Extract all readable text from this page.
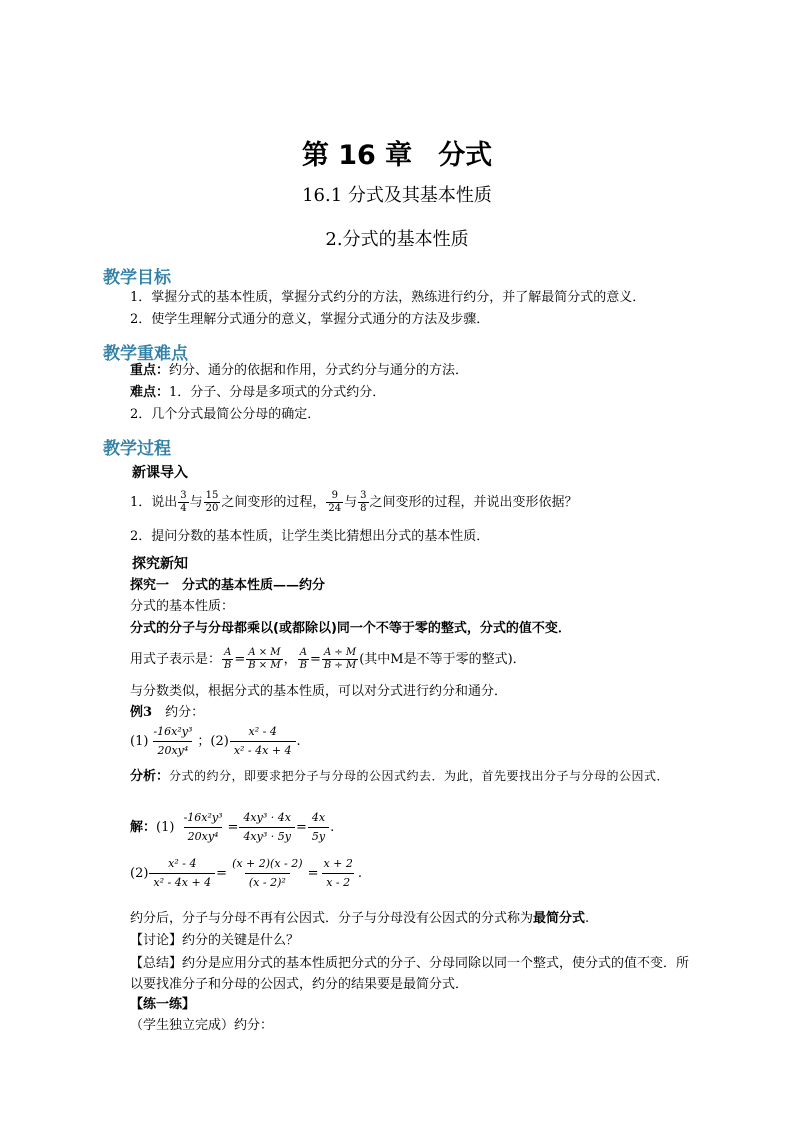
第 16 章 分式
16.1 分式及其基本性质
2.分式的基本性质
教学目标
1．掌握分式的基本性质，掌握分式约分的方法，熟练进行约分，并了解最简分式的意义．
2．使学生理解分式通分的意义，掌握分式通分的方法及步骤．
教学重难点
重点：约分、通分的依据和作用，分式约分与通分的方法．
难点：1．分子、分母是多项式的分式约分．
2．几个分式最简公分母的确定．
教学过程
新课导入
1．说出 $\frac{3}{4}$ 与 $\frac{15}{20}$ 之间变形的过程， $\frac{9}{24}$ 与 $\frac{3}{8}$ 之间变形的过程，并说出变形依据？
2．提问分数的基本性质，让学生类比猜想出分式的基本性质．
探究新知
探究一　分式的基本性质——约分
分式的基本性质：
分式的分子与分母都乘以(或都除以)同一个不等于零的整式，分式的值不变．
用式子表示是： $\frac{A}{B} = \frac{A \times M}{B \times M}$ ， $\frac{A}{B} = \frac{A \div M}{B \div M}$ (其中M是不等于零的整式)．
与分数类似，根据分式的基本性质，可以对分式进行约分和通分．
例3　 约分：
$(1) \frac{\text{-16x²y³}}{\text{20xy⁴}}$ ；$(2) \frac{\text{x² - 4}}{\text{x² - 4x + 4}}$ .
分析：分式的约分，即要求把分子与分母的公因式约去．为此，首先要找出分子与分母的公因式．
解：$(1) \frac{\text{-16x²y³}}{\text{20xy⁴}} = \frac{\text{4xy³ · 4x}}{\text{4xy³ · 5y}} = \frac{4x}{5y}$ .
$(2) \frac{\text{x² - 4}}{\text{x² - 4x + 4}} = \frac{(x + 2)(x - 2)}{\text{(x - 2)²}} = \frac{x + 2}{x - 2}$ .
约分后，分子与分母不再有公因式．分子与分母没有公因式的分式称为最简分式.
【讨论】约分的关键是什么？
【总结】约分是应用分式的基本性质把分式的分子、分母同除以同一个整式，使分式的值不变．所以要找准分子和分母的公因式，约分的结果要是最简分式．
【练一练】
（学生独立完成）约分：
